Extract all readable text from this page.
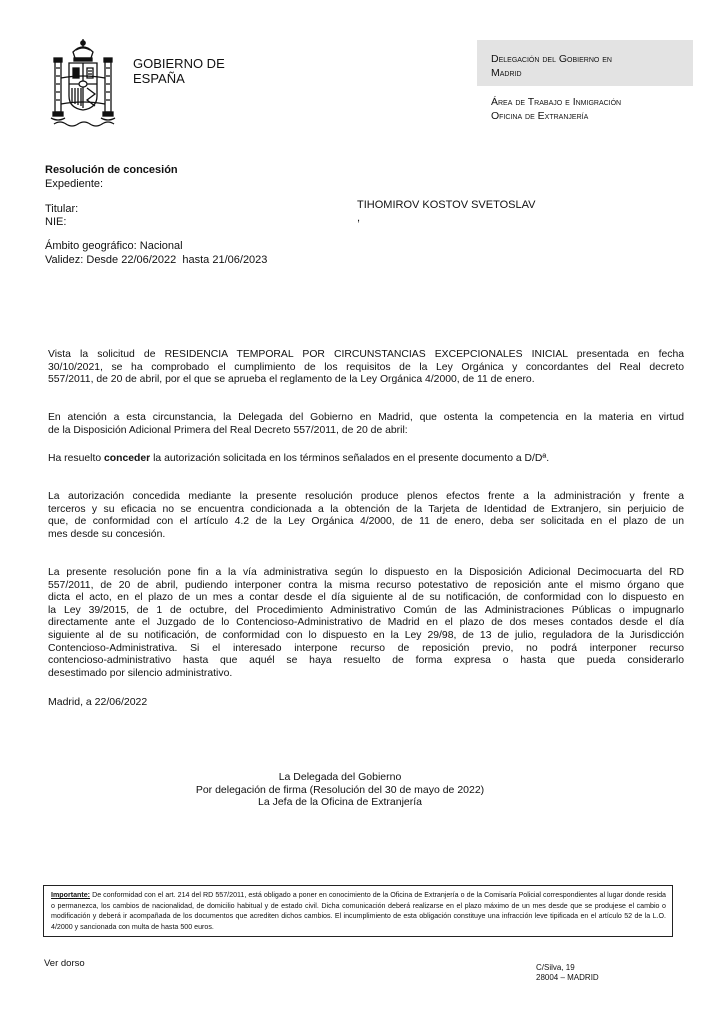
GOBIERNO DE
ESPAÑA
Delegación del Gobierno en
Madrid
Área de Trabajo e Inmigración
Oficina de Extranjería
Resolución de concesión
Expediente:
Titular:	TIHOMIROV KOSTOV SVETOSLAV
NIE:	,
Ámbito geográfico: Nacional
Validez: Desde 22/06/2022  hasta 21/06/2023
Vista la solicitud de RESIDENCIA TEMPORAL POR CIRCUNSTANCIAS EXCEPCIONALES INICIAL presentada en fecha
30/10/2021, se ha comprobado el cumplimiento de los requisitos de la Ley Orgánica y concordantes del Real decreto
557/2011, de 20 de abril, por el que se aprueba el reglamento de la Ley Orgánica 4/2000, de 11 de enero.
En atención a esta circunstancia, la Delegada del Gobierno en Madrid, que ostenta la competencia en la materia en virtud
de la Disposición Adicional Primera del Real Decreto 557/2011, de 20 de abril:
Ha resuelto conceder la autorización solicitada en los términos señalados en el presente documento a D/Dª.
La autorización concedida mediante la presente resolución produce plenos efectos frente a la administración y frente a
terceros y su eficacia no se encuentra condicionada a la obtención de la Tarjeta de Identidad de Extranjero, sin perjuicio de
que, de conformidad con el artículo 4.2 de la Ley Orgánica 4/2000, de 11 de enero, deba ser solicitada en el plazo de un
mes desde su concesión.
La presente resolución pone fin a la vía administrativa según lo dispuesto en la Disposición Adicional Decimocuarta del RD
557/2011, de 20 de abril, pudiendo interponer contra la misma recurso potestativo de reposición ante el mismo órgano que
dicta el acto, en el plazo de un mes a contar desde el día siguiente al de su notificación, de conformidad con lo dispuesto en
la Ley 39/2015, de 1 de octubre, del Procedimiento Administrativo Común de las Administraciones Públicas o impugnarlo
directamente ante el Juzgado de lo Contencioso-Administrativo de Madrid en el plazo de dos meses contados desde el día
siguiente al de su notificación, de conformidad con lo dispuesto en la Ley 29/98, de 13 de julio, reguladora de la Jurisdicción
Contencioso-Administrativa. Si el interesado interpone recurso de reposición previo, no podrá interponer recurso
contencioso-administrativo hasta que aquél se haya resuelto de forma expresa o hasta que pueda considerarlo
desestimado por silencio administrativo.
Madrid, a 22/06/2022
La Delegada del Gobierno
Por delegación de firma (Resolución del 30 de mayo de 2022)
La Jefa de la Oficina de Extranjería
Importante: De conformidad con el art. 214 del RD 557/2011, está obligado a poner en conocimiento de la Oficina de Extranjería o de la Comisaría Policial correspondientes al lugar donde resida o permanezca, los cambios de nacionalidad, de domicilio habitual y de estado civil. Dicha comunicación deberá realizarse en el plazo máximo de un mes desde que se produjese el cambio o modificación y deberá ir acompañada de los documentos que acrediten dichos cambios. El incumplimiento de esta obligación constituye una infracción leve tipificada en el artículo 52 de la L.O. 4/2000 y sancionada con multa de hasta 500 euros.
Ver dorso	C/Silva, 19
28004 – MADRID
